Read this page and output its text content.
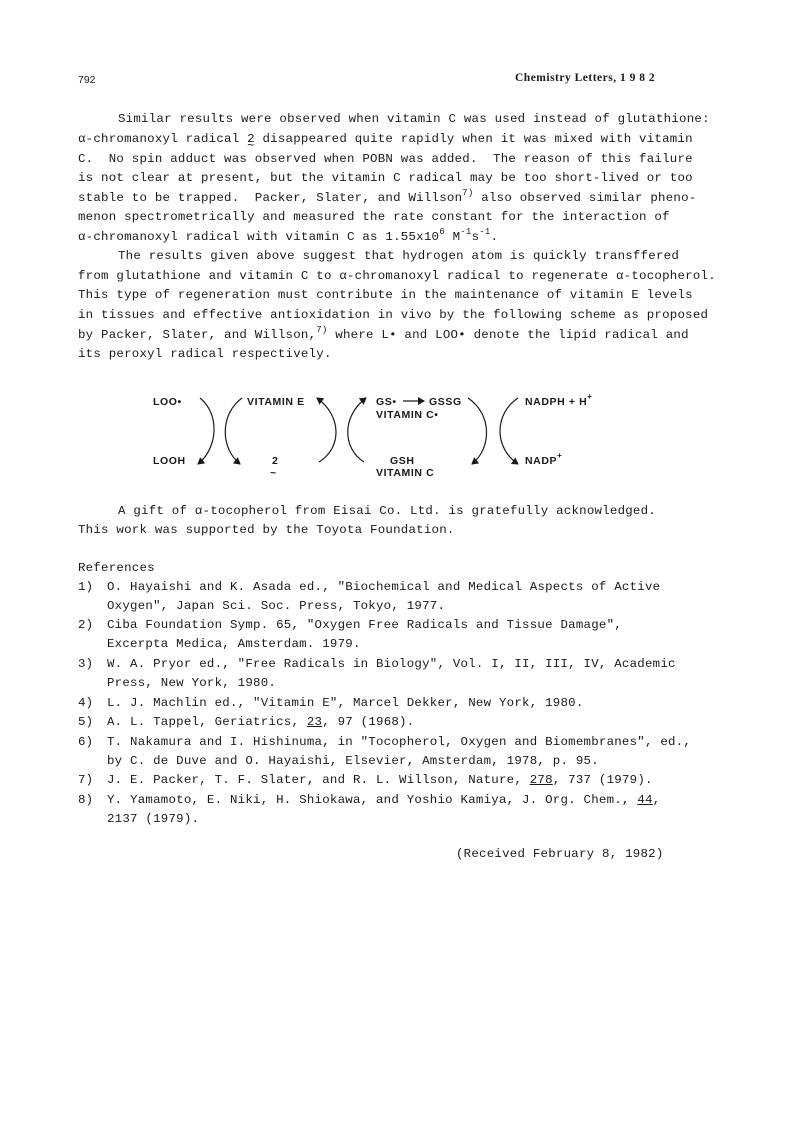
792	Chemistry Letters, 1 9 8 2
Similar results were observed when vitamin C was used instead of glutathione:
α-chromanoxyl radical 2 ~ disappeared quite rapidly when it was mixed with vitamin
C.  No spin adduct was observed when POBN was added.  The reason of this failure
is not clear at present, but the vitamin C radical may be too short-lived or too
stable to be trapped.  Packer, Slater, and Willson$^{7)}$ also observed similar pheno-
menon spectrometrically and measured the rate constant for the interaction of
α-chromanoxyl radical with vitamin C as $1.55x10^6$ $M^{-1}s^{-1}$.
The results given above suggest that hydrogen atom is quickly transffered
from glutathione and vitamin C to α-chromanoxyl radical to regenerate α-tocopherol.
This type of regeneration must contribute in the maintenance of vitamin E levels
in tissues and effective antioxidation in vivo by the following scheme as proposed
by Packer, Slater, and Willson,$^{7)}$ where L• and LOO• denote the lipid radical and
its peroxyl radical respectively.
LOO•
LOOH
VITAMIN E
2
~
GS•	GSSG
VITAMIN C•
GSH
VITAMIN C
NADPH + H+
NADP+
A gift of α-tocopherol from Eisai Co. Ltd. is gratefully acknowledged.
This work was supported by the Toyota Foundation.
References
1) O. Hayaishi and K. Asada ed., "Biochemical and Medical Aspects of Active
Oxygen", Japan Sci. Soc. Press, Tokyo, 1977.
2) Ciba Foundation Symp. 65, "Oxygen Free Radicals and Tissue Damage",
Excerpta Medica, Amsterdam. 1979.
3) W. A. Pryor ed., "Free Radicals in Biology", Vol. I, II, III, IV, Academic
Press, New York, 1980.
4) L. J. Machlin ed., "Vitamin E", Marcel Dekker, New York, 1980.
5) A. L. Tappel, Geriatrics, 23, 97 (1968).
6) T. Nakamura and I. Hishinuma, in "Tocopherol, Oxygen and Biomembranes", ed.,
by C. de Duve and O. Hayaishi, Elsevier, Amsterdam, 1978, p. 95.
7) J. E. Packer, T. F. Slater, and R. L. Willson, Nature, 278, 737 (1979).
8) Y. Yamamoto, E. Niki, H. Shiokawa, and Yoshio Kamiya, J. Org. Chem., 44,
2137 (1979).
(Received February 8, 1982)
